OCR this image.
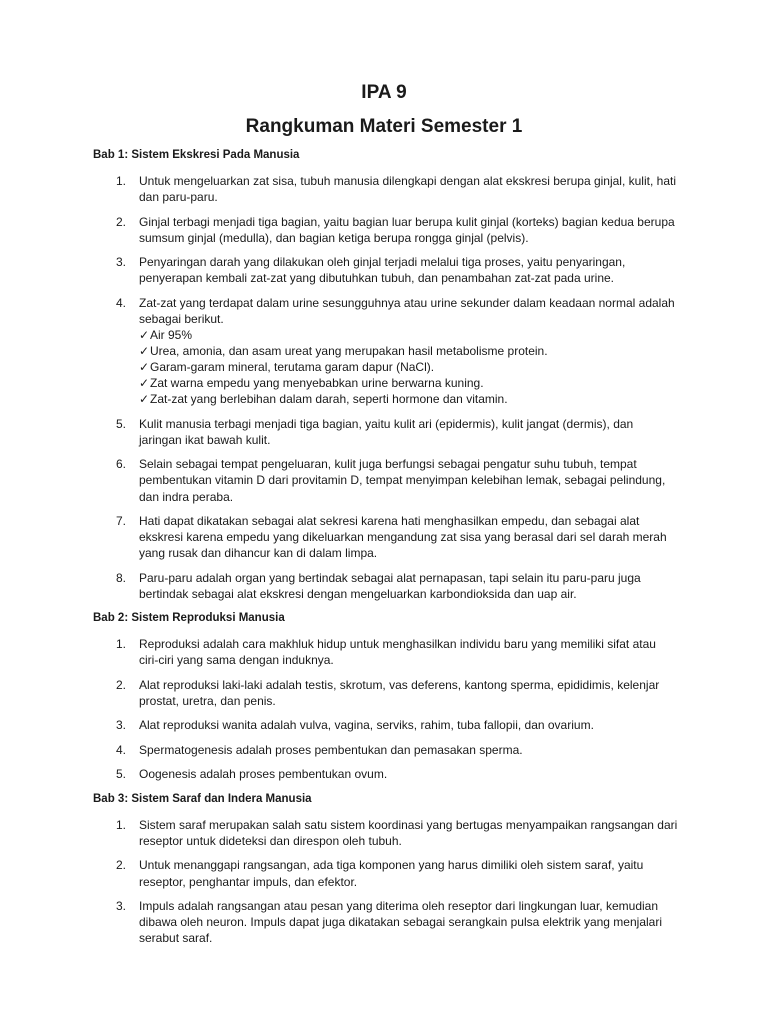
IPA 9
Rangkuman Materi Semester 1

Bab 1: Sistem Ekskresi Pada Manusia

1. Untuk mengeluarkan zat sisa, tubuh manusia dilengkapi dengan alat ekskresi berupa ginjal, kulit, hati dan paru-paru.
2. Ginjal terbagi menjadi tiga bagian, yaitu bagian luar berupa kulit ginjal (korteks) bagian kedua berupa sumsum ginjal (medulla), dan bagian ketiga berupa rongga ginjal (pelvis).
3. Penyaringan darah yang dilakukan oleh ginjal terjadi melalui tiga proses, yaitu penyaringan, penyerapan kembali zat-zat yang dibutuhkan tubuh, dan penambahan zat-zat pada urine.
4. Zat-zat yang terdapat dalam urine sesungguhnya atau urine sekunder dalam keadaan normal adalah sebagai berikut.
✓Air 95%
✓Urea, amonia, dan asam ureat yang merupakan hasil metabolisme protein.
✓Garam-garam mineral, terutama garam dapur (NaCl).
✓Zat warna empedu yang menyebabkan urine berwarna kuning.
✓Zat-zat yang berlebihan dalam darah, seperti hormone dan vitamin.
5. Kulit manusia terbagi menjadi tiga bagian, yaitu kulit ari (epidermis), kulit jangat (dermis), dan jaringan ikat bawah kulit.
6. Selain sebagai tempat pengeluaran, kulit juga berfungsi sebagai pengatur suhu tubuh, tempat pembentukan vitamin D dari provitamin D, tempat menyimpan kelebihan lemak, sebagai pelindung, dan indra peraba.
7. Hati dapat dikatakan sebagai alat sekresi karena hati menghasilkan empedu, dan sebagai alat ekskresi karena empedu yang dikeluarkan mengandung zat sisa yang berasal dari sel darah merah yang rusak dan dihancur kan di dalam limpa.
8. Paru-paru adalah organ yang bertindak sebagai alat pernapasan, tapi selain itu paru-paru juga bertindak sebagai alat ekskresi dengan mengeluarkan karbondioksida dan uap air.

Bab 2: Sistem Reproduksi Manusia

1. Reproduksi adalah cara makhluk hidup untuk menghasilkan individu baru yang memiliki sifat atau ciri-ciri yang sama dengan induknya.
2. Alat reproduksi laki-laki adalah testis, skrotum, vas deferens, kantong sperma, epididimis, kelenjar prostat, uretra, dan penis.
3. Alat reproduksi wanita adalah vulva, vagina, serviks, rahim, tuba fallopii, dan ovarium.
4. Spermatogenesis adalah proses pembentukan dan pemasakan sperma.
5. Oogenesis adalah proses pembentukan ovum.

Bab 3: Sistem Saraf dan Indera Manusia

1. Sistem saraf merupakan salah satu sistem koordinasi yang bertugas menyampaikan rangsangan dari reseptor untuk dideteksi dan direspon oleh tubuh.
2. Untuk menanggapi rangsangan, ada tiga komponen yang harus dimiliki oleh sistem saraf, yaitu reseptor, penghantar impuls, dan efektor.
3. Impuls adalah rangsangan atau pesan yang diterima oleh reseptor dari lingkungan luar, kemudian dibawa oleh neuron. Impuls dapat juga dikatakan sebagai serangkain pulsa elektrik yang menjalari serabut saraf.
